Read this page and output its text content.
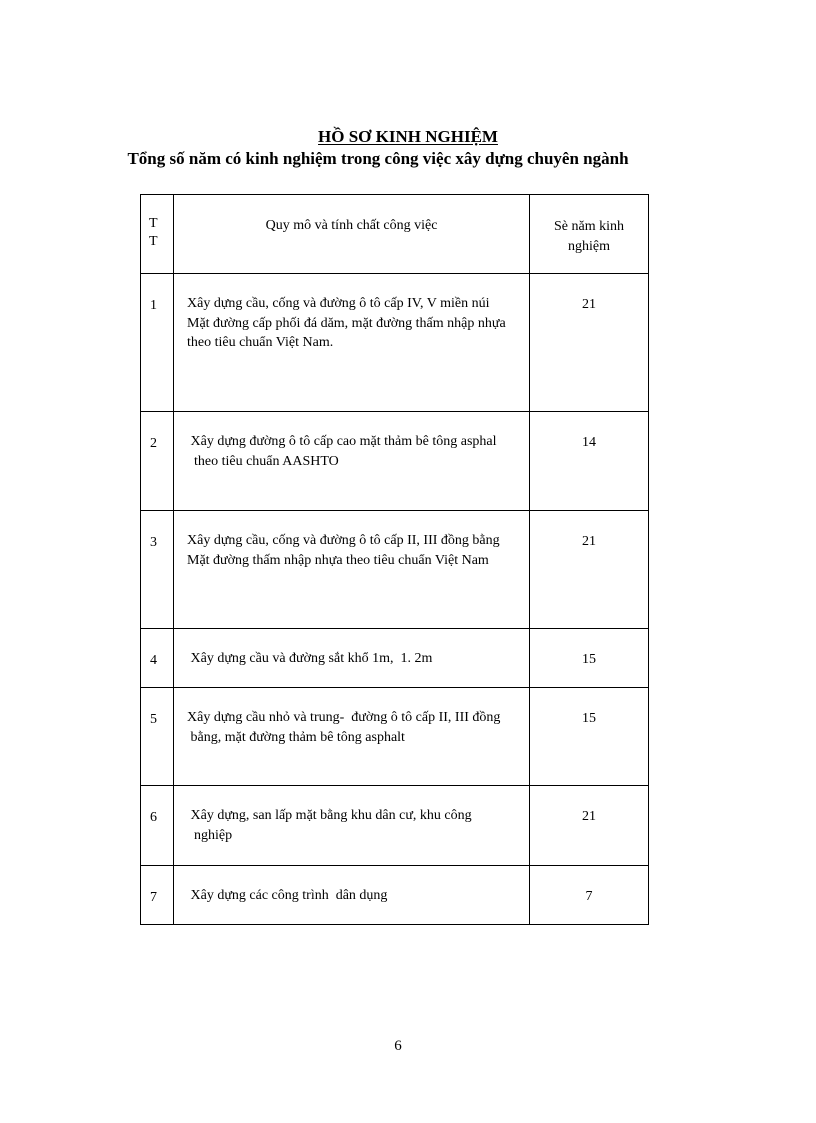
HỒ SƠ KINH NGHIỆM
Tổng số năm có kinh nghiệm trong công việc xây dựng chuyên ngành
T
T	Quy mô và tính chất công việc	Sè năm kinh nghiệm
1	Xây dựng cầu, cống và đường ô tô cấp IV, V miền núi
Mặt đường cấp phối đá dăm, mặt đường thấm nhập nhựa
theo tiêu chuẩn Việt Nam.	21
2	Xây dựng đường ô tô cấp cao mặt thảm bê tông asphal
theo tiêu chuẩn AASHTO	14
3	Xây dựng cầu, cống và đường ô tô cấp II, III đồng bằng
Mặt đường thấm nhập nhựa theo tiêu chuẩn Việt Nam	21
4	Xây dựng cầu và đường sắt khổ 1m,  1. 2m	15
5	Xây dựng cầu nhỏ và trung-  đường ô tô cấp II, III đồng
bằng, mặt đường thảm bê tông asphalt	15
6	Xây dựng, san lấp mặt bằng khu dân cư, khu công
nghiệp	21
7	Xây dựng các công trình  dân dụng	7
6
